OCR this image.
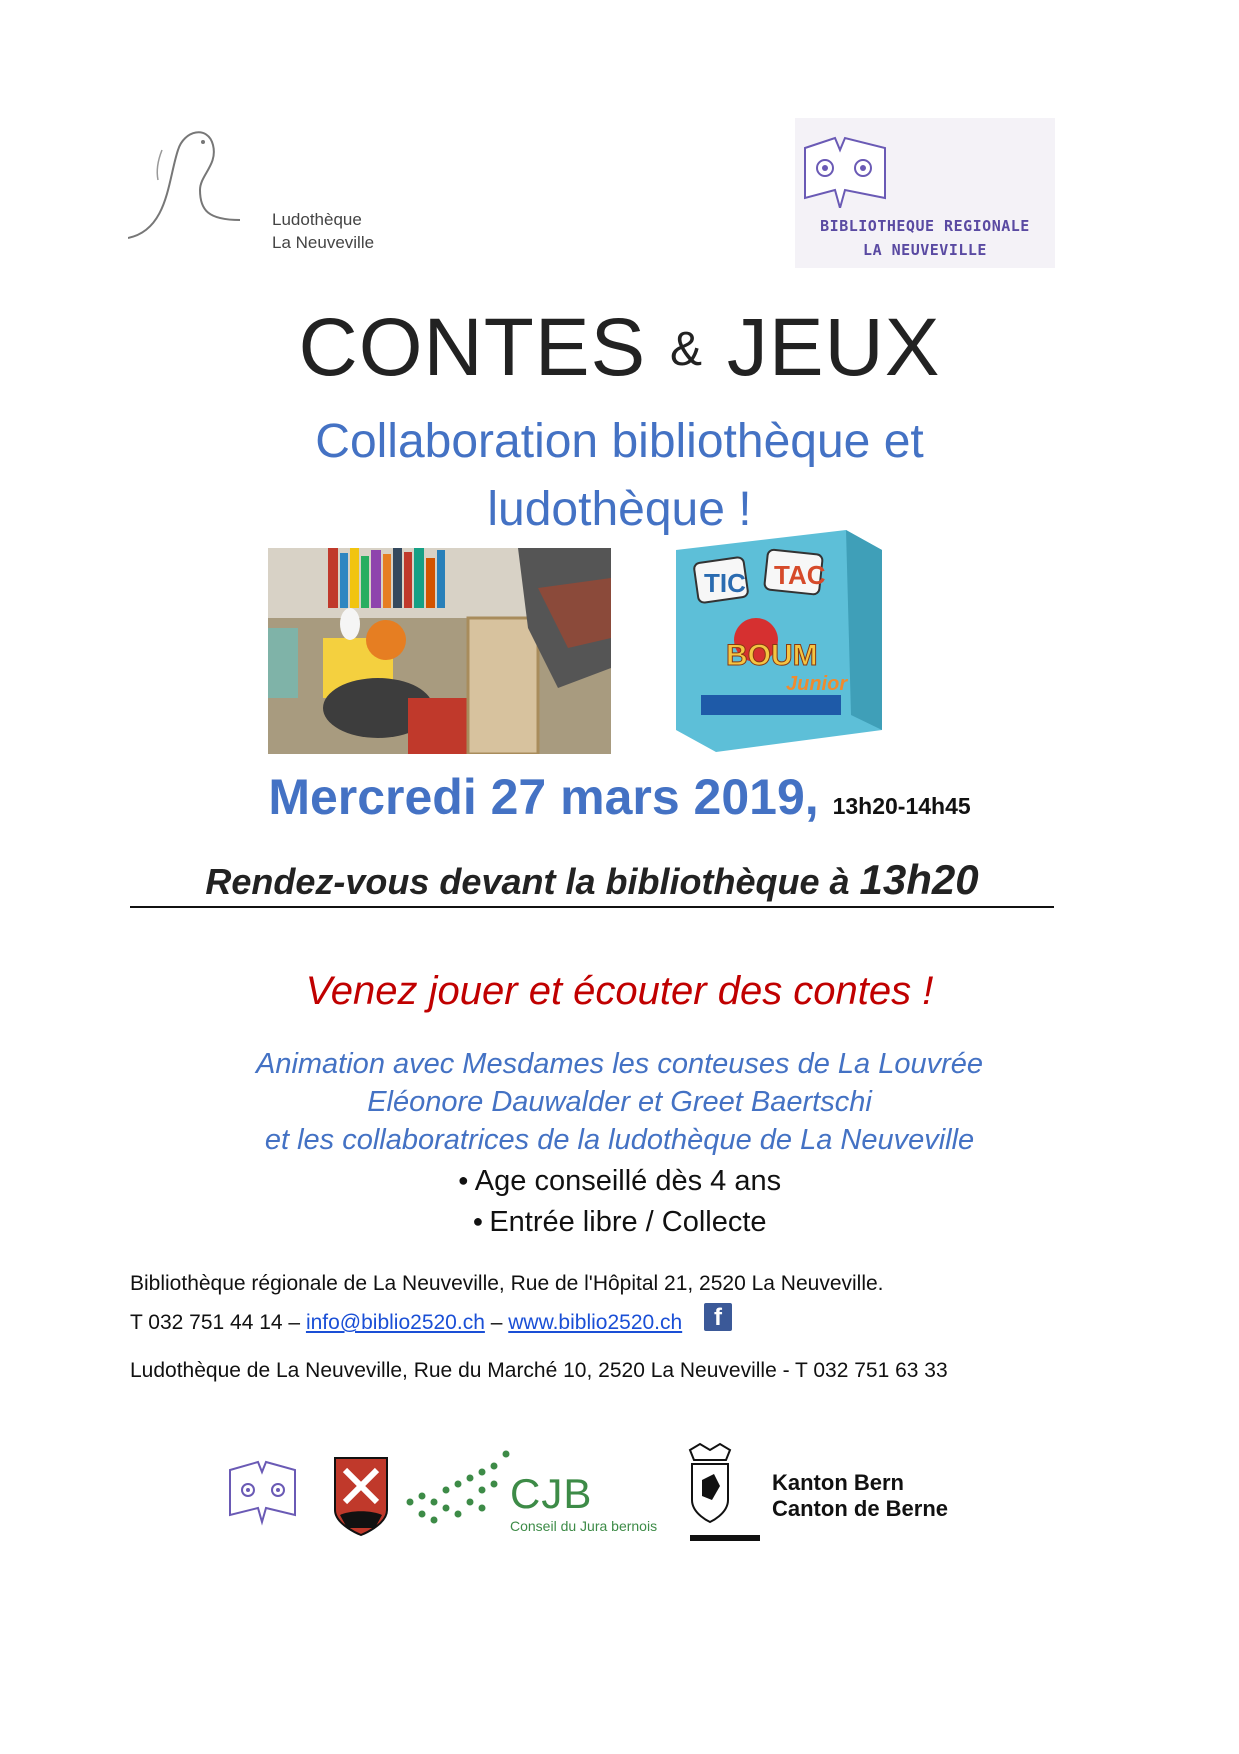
Ludothèque
La Neuveville
BIBLIOTHEQUE REGIONALE
LA NEUVEVILLE
CONTES & JEUX
Collaboration bibliothèque et
ludothèque !
TIC TAC
BOUM
Junior
Mercredi 27 mars 2019, 13h20-14h45
Rendez-vous devant la bibliothèque à 13h20
Venez jouer et écouter des contes !
Animation avec Mesdames les conteuses de La Louvrée
Eléonore Dauwalder et Greet Baertschi
et les collaboratrices de la ludothèque de La Neuveville
● Age conseillé dès 4 ans
● Entrée libre / Collecte
Bibliothèque régionale de La Neuveville, Rue de l'Hôpital 21, 2520 La Neuveville.
T 032 751 44 14 – info@biblio2520.ch – www.biblio2520.ch f
Ludothèque de La Neuveville, Rue du Marché 10, 2520 La Neuveville - T 032 751 63 33
CJB
Conseil du Jura bernois
Kanton Bern
Canton de Berne
